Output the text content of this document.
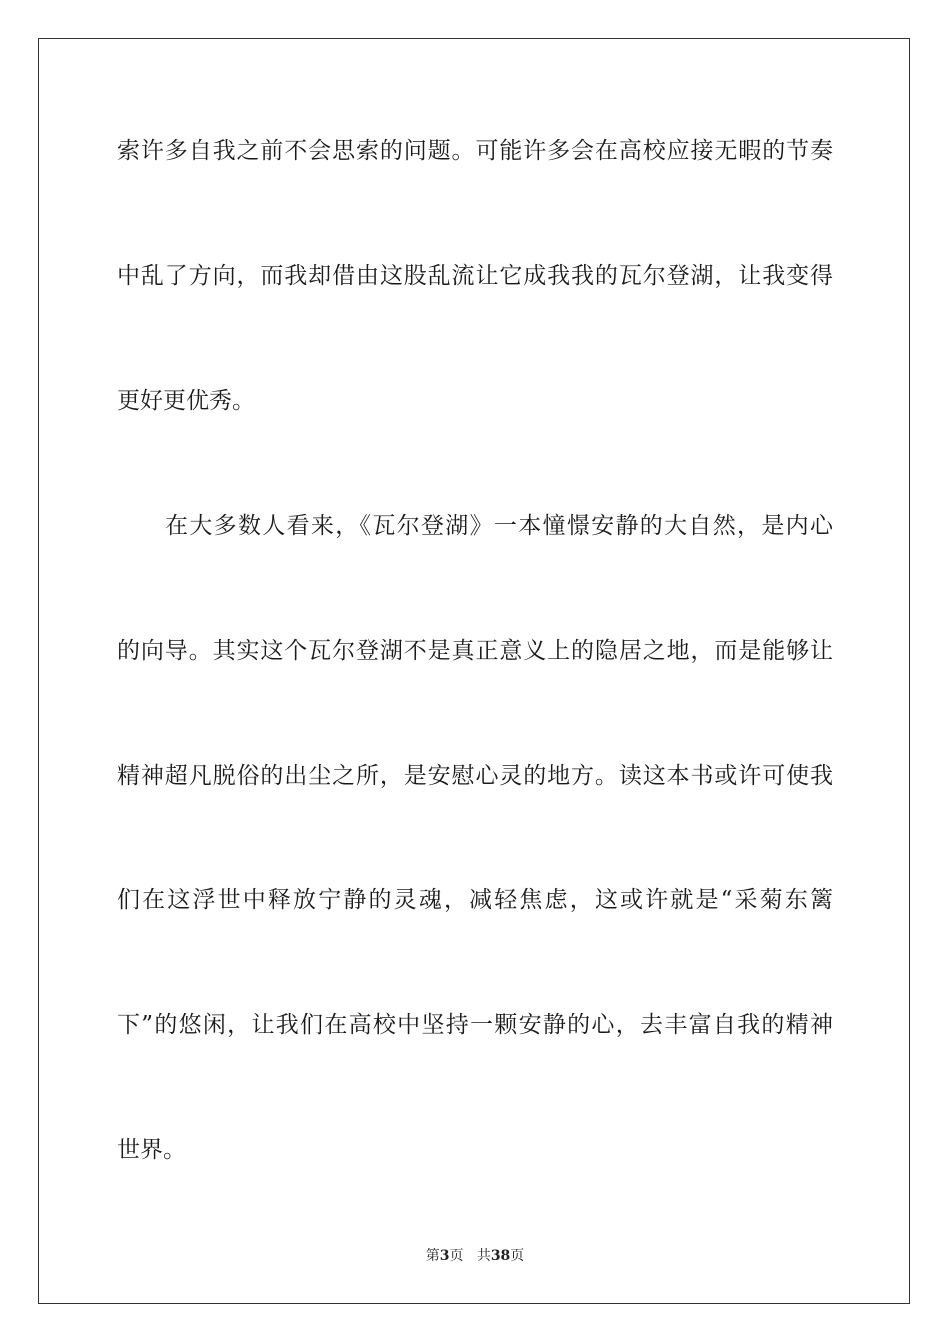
索许多自我之前不会思索的问题。可能许多会在高校应接无暇的节奏
中乱了方向，而我却借由这股乱流让它成我我的瓦尔登湖，让我变得
更好更优秀。
在大多数人看来，《瓦尔登湖》一本憧憬安静的大自然，是内心
的向导。其实这个瓦尔登湖不是真正意义上的隐居之地，而是能够让
精神超凡脱俗的出尘之所，是安慰心灵的地方。读这本书或许可使我
们在这浮世中释放宁静的灵魂，减轻焦虑，这或许就是“采菊东篱
下”的悠闲，让我们在高校中坚持一颗安静的心，去丰富自我的精神
世界。
第3页 共38页
